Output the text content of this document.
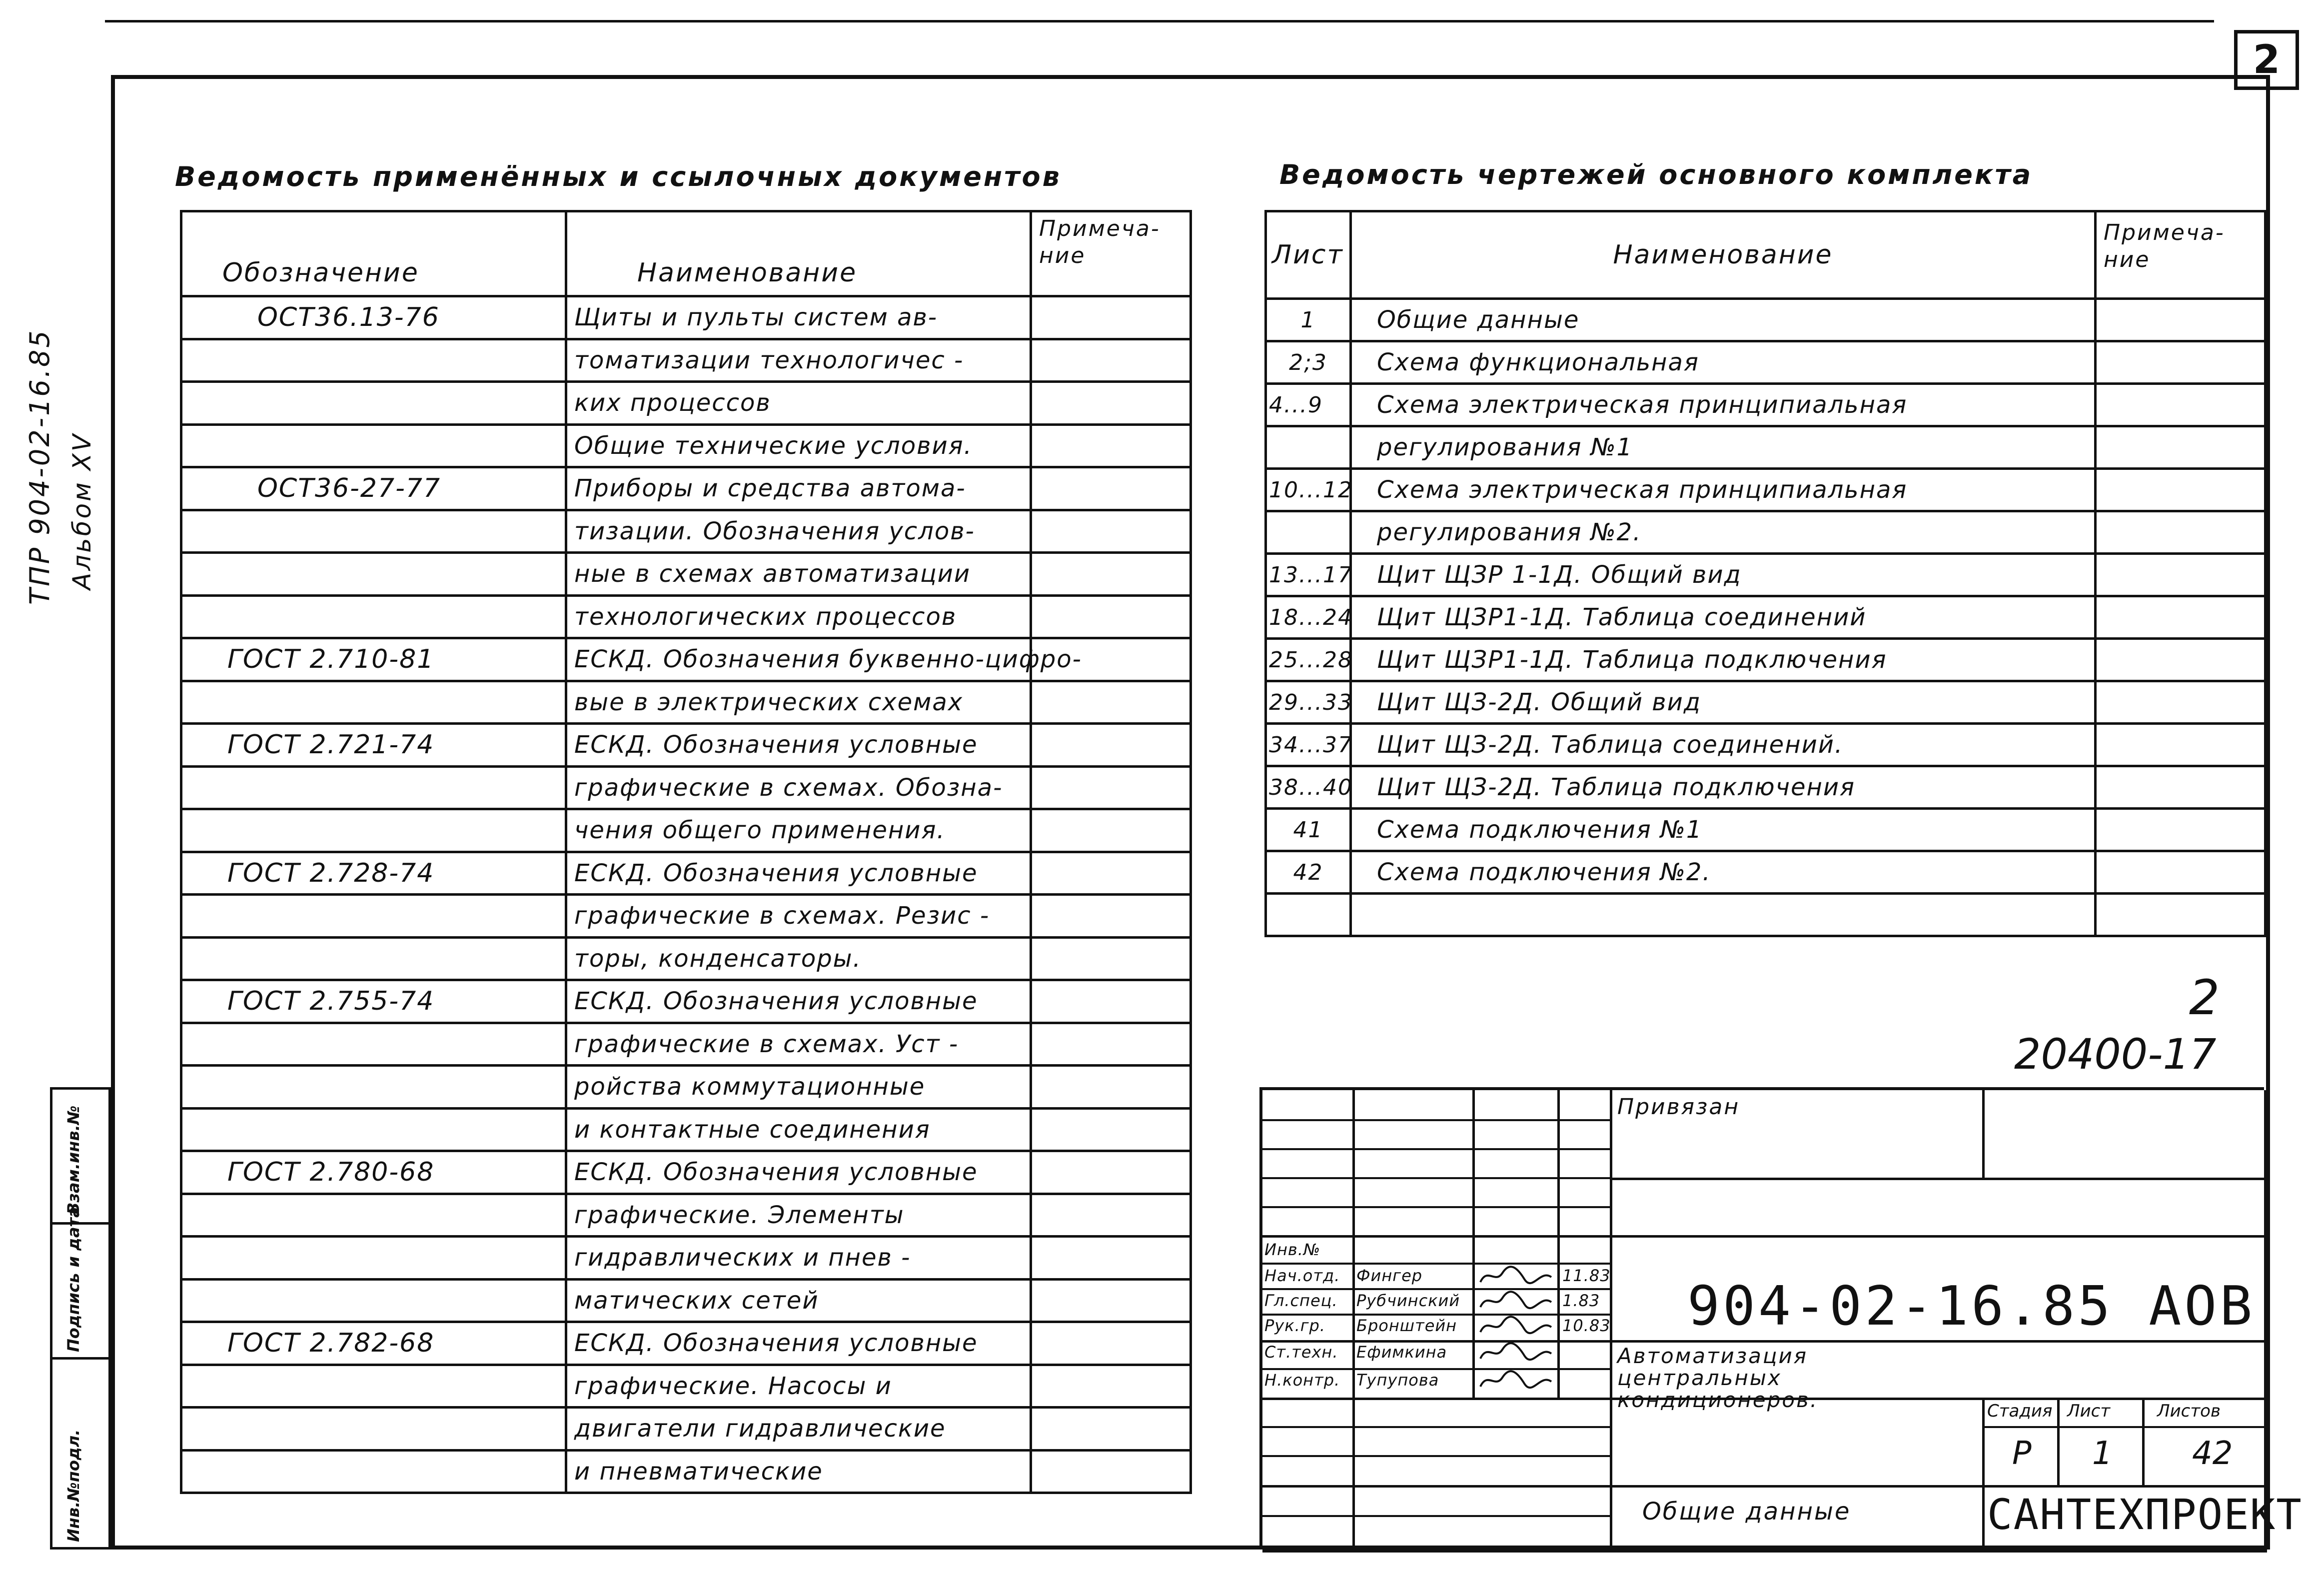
2
ТПР 904-02-16.85 Альбом XV
Взам.инв.№
Подпись и дата
Инв.№подл.
Ведомость применённых и ссылочных документов
Обозначение	Наименование	Примеча-
ние
ОСТ36.13-76	Щиты и пульты систем ав-	
	томатизации технологичес -	
	ких процессов	
	Общие технические условия.	
ОСТ36-27-77	Приборы и средства автома-	
	тизации. Обозначения услов-	
	ные в схемах автоматизации	
	технологических процессов	
ГОСТ 2.710-81	ЕСКД. Обозначения буквенно-цифро-	
	вые в электрических схемах	
ГОСТ 2.721-74	ЕСКД. Обозначения условные	
	графические в схемах. Обозна-	
	чения общего применения.	
ГОСТ 2.728-74	ЕСКД. Обозначения условные	
	графические в схемах. Резис -	
	торы, конденсаторы.	
ГОСТ 2.755-74	ЕСКД. Обозначения условные	
	графические в схемах. Уст -	
	ройства коммутационные	
	и контактные соединения	
ГОСТ 2.780-68	ЕСКД. Обозначения условные	
	графические. Элементы	
	гидравлических и пнев -	
	матических сетей	
ГОСТ 2.782-68	ЕСКД. Обозначения условные	
	графические. Насосы и	
	двигатели гидравлические	
	и пневматические	
Ведомость чертежей основного комплекта
Лист	Наименование	Примеча-
ние
1	Общие данные	
2;3	Схема функциональная	
4...9	Схема электрическая принципиальная	
	регулирования №1	
10...12	Схема электрическая принципиальная	
	регулирования №2.	
13...17	Щит ЩЗР 1-1Д. Общий вид	
18...24	Щит ЩЗР1-1Д. Таблица соединений	
25...28	Щит ЩЗР1-1Д. Таблица подключения	
29...33	Щит ЩЗ-2Д. Общий вид	
34...37	Щит ЩЗ-2Д. Таблица соединений.	
38...40	Щит ЩЗ-2Д. Таблица подключения	
41	Схема подключения №1	
42	Схема подключения №2.	

2
20400-17
Привязан
Инв.№
Нач.отд. Фингер	11.83
Гл.спец. Рубчинский	1.83
Рук.гр. Бронштейн	10.83
Ст.техн. Ефимкина
Н.контр. Тупупова
904-02-16.85 АОВ
Автоматизация центральных кондиционеров.	Стадия Лист	Листов
Р 1 42
Общие данные	САНТЕХПРОЕКТ
